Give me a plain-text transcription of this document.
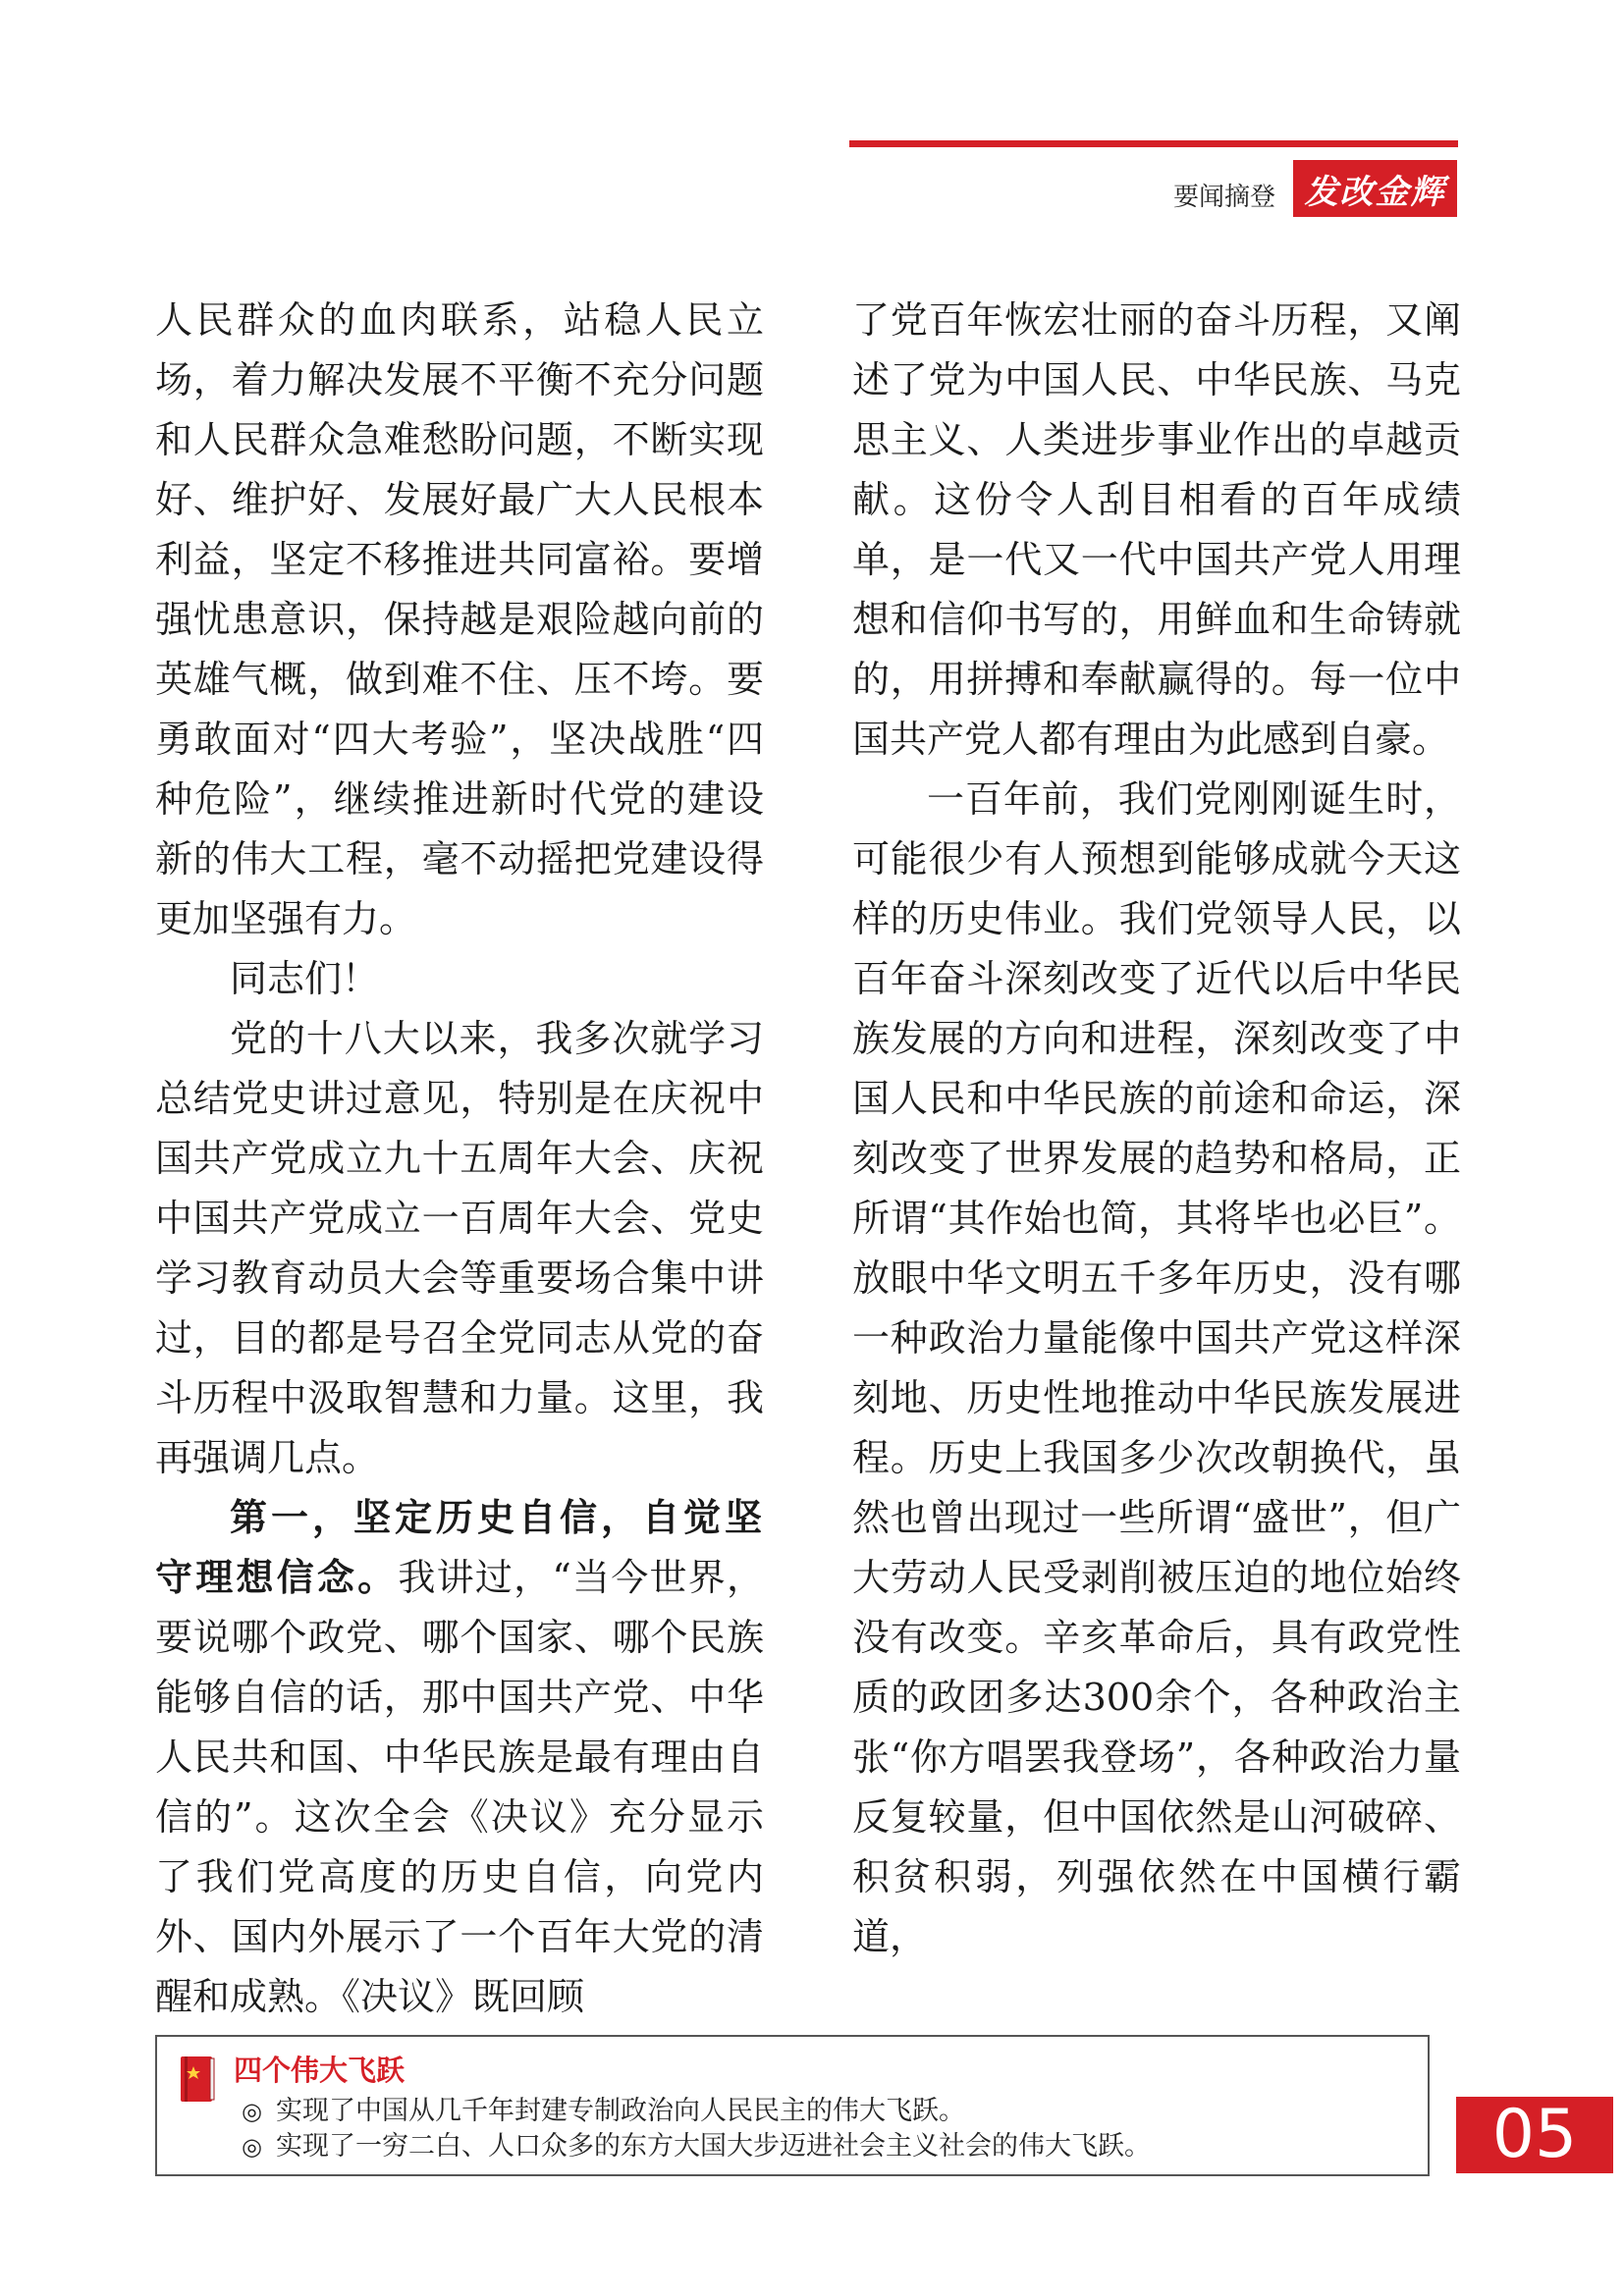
要闻摘登 发改金辉

人民群众的血肉联系，站稳人民立场，着力解决发展不平衡不充分问题和人民群众急难愁盼问题，不断实现好、维护好、发展好最广大人民根本利益，坚定不移推进共同富裕。要增强忧患意识，保持越是艰险越向前的英雄气概，做到难不住、压不垮。要勇敢面对“四大考验”，坚决战胜“四种危险”，继续推进新时代党的建设新的伟大工程，毫不动摇把党建设得更加坚强有力。

同志们！

党的十八大以来，我多次就学习总结党史讲过意见，特别是在庆祝中国共产党成立九十五周年大会、庆祝中国共产党成立一百周年大会、党史学习教育动员大会等重要场合集中讲过，目的都是号召全党同志从党的奋斗历程中汲取智慧和力量。这里，我再强调几点。

第一，坚定历史自信，自觉坚守理想信念。我讲过，“当今世界，要说哪个政党、哪个国家、哪个民族能够自信的话，那中国共产党、中华人民共和国、中华民族是最有理由自信的”。这次全会《决议》充分显示了我们党高度的历史自信，向党内外、国内外展示了一个百年大党的清醒和成熟。《决议》既回顾

了党百年恢宏壮丽的奋斗历程，又阐述了党为中国人民、中华民族、马克思主义、人类进步事业作出的卓越贡献。这份令人刮目相看的百年成绩单，是一代又一代中国共产党人用理想和信仰书写的，用鲜血和生命铸就的，用拼搏和奉献赢得的。每一位中国共产党人都有理由为此感到自豪。

一百年前，我们党刚刚诞生时，可能很少有人预想到能够成就今天这样的历史伟业。我们党领导人民，以百年奋斗深刻改变了近代以后中华民族发展的方向和进程，深刻改变了中国人民和中华民族的前途和命运，深刻改变了世界发展的趋势和格局，正所谓“其作始也简，其将毕也必巨”。放眼中华文明五千多年历史，没有哪一种政治力量能像中国共产党这样深刻地、历史性地推动中华民族发展进程。历史上我国多少次改朝换代，虽然也曾出现过一些所谓“盛世”，但广大劳动人民受剥削被压迫的地位始终没有改变。辛亥革命后，具有政党性质的政团多达300余个，各种政治主张“你方唱罢我登场”，各种政治力量反复较量，但中国依然是山河破碎、积贫积弱，列强依然在中国横行霸道，

四个伟大飞跃
◎ 实现了中国从几千年封建专制政治向人民民主的伟大飞跃。
◎ 实现了一穷二白、人口众多的东方大国大步迈进社会主义社会的伟大飞跃。	05
